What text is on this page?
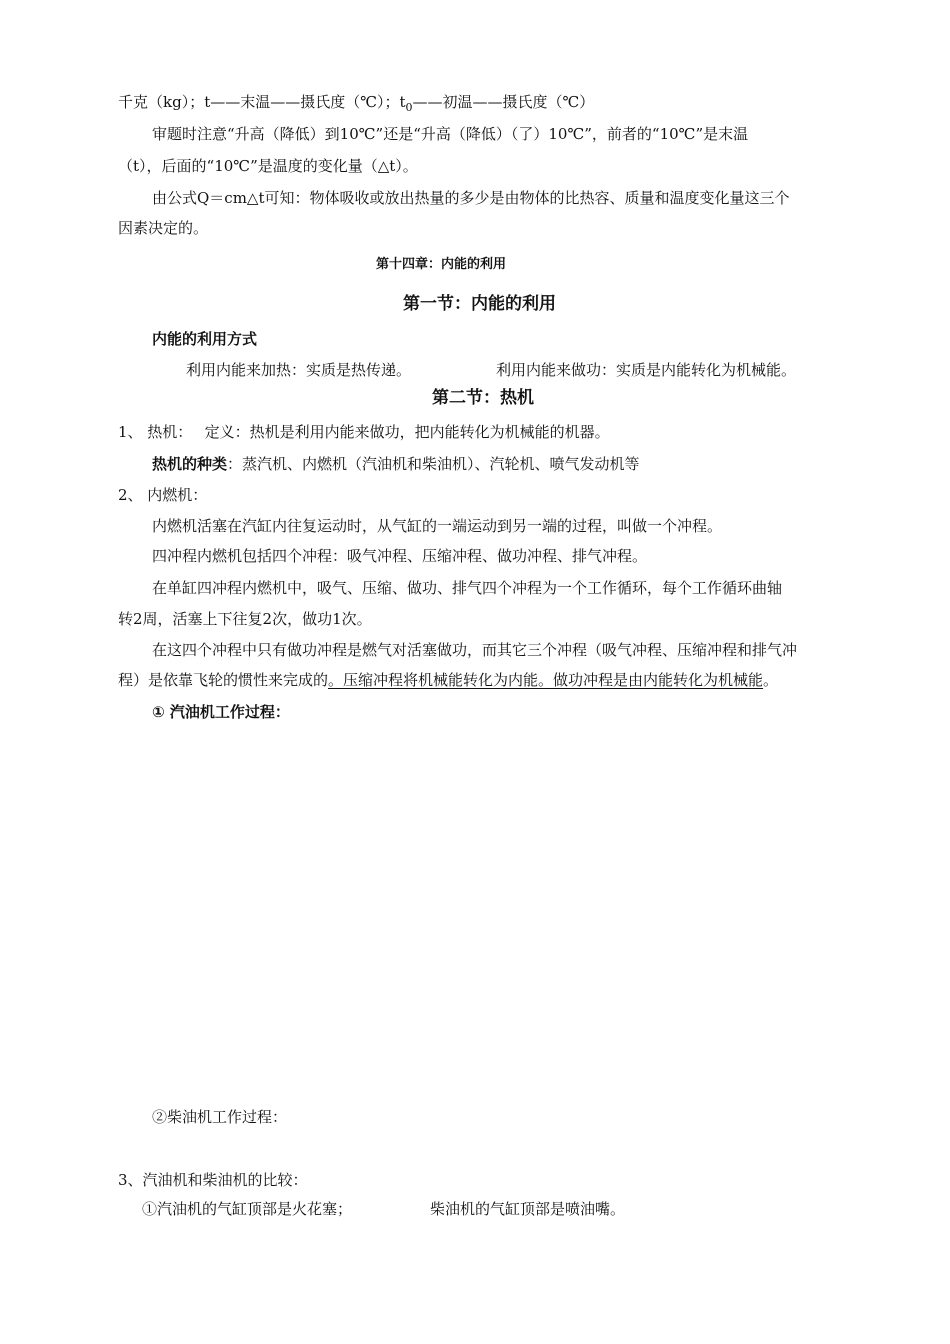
千克（kg）；t——末温——摄氏度（℃）；$t_0——$初温——摄氏度（℃）
审题时注意“升高（降低）到10℃”还是“升高（降低）（了）10℃”，前者的“10℃”是末温
（t），后面的“10℃”是温度的变化量（△t）。
由公式Q＝cm△t可知：物体吸收或放出热量的多少是由物体的比热容、质量和温度变化量这三个
因素决定的。
第十四章：内能的利用
第一节：内能的利用
内能的利用方式
利用内能来加热：实质是热传递。	利用内能来做功：实质是内能转化为机械能。
第二节：热机
1、 热机：　 定义：热机是利用内能来做功，把内能转化为机械能的机器。
热机的种类：蒸汽机、内燃机（汽油机和柴油机）、汽轮机、喷气发动机等
2、 内燃机：
内燃机活塞在汽缸内往复运动时，从气缸的一端运动到另一端的过程，叫做一个冲程。
四冲程内燃机包括四个冲程：吸气冲程、压缩冲程、做功冲程、排气冲程。
在单缸四冲程内燃机中，吸气、压缩、做功、排气四个冲程为一个工作循环，每个工作循环曲轴
转2周，活塞上下往复2次，做功1次。
在这四个冲程中只有做功冲程是燃气对活塞做功，而其它三个冲程（吸气冲程、压缩冲程和排气冲
程）是依靠飞轮的惯性来完成的。压缩冲程将机械能转化为内能。做功冲程是由内能转化为机械能。
① 汽油机工作过程：
②柴油机工作过程：
3、汽油机和柴油机的比较：
①汽油机的气缸顶部是火花塞；	柴油机的气缸顶部是喷油嘴。
